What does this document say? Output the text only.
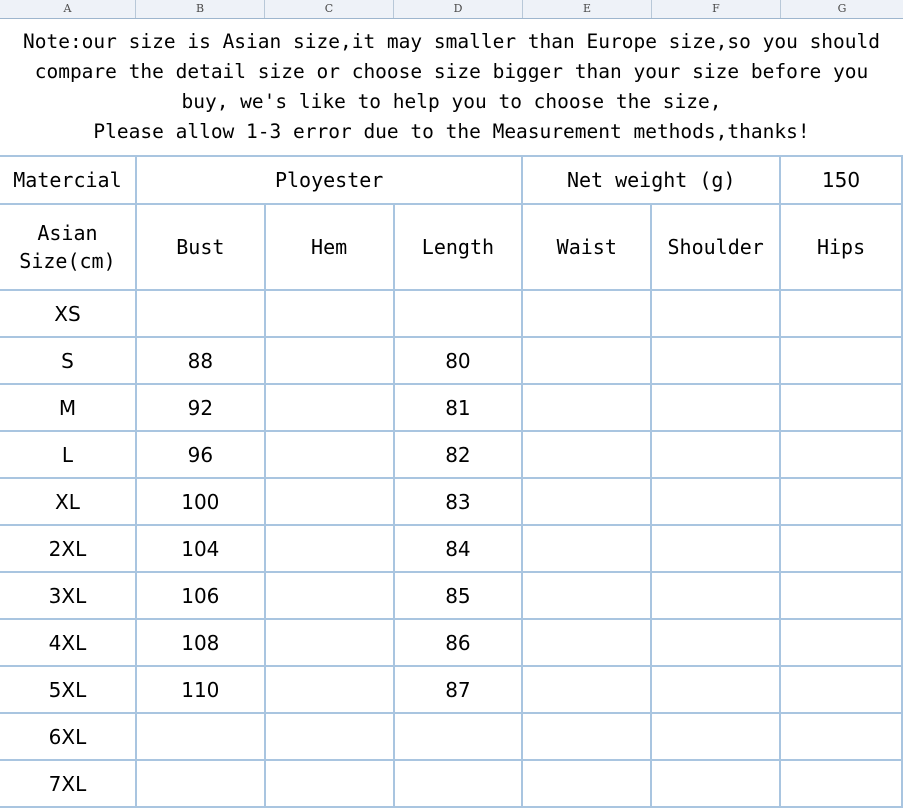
A	B	C	D	E	F	G
Note:our size is Asian size,it may smaller than Europe size,so you should
compare the detail size or choose size bigger than your size before you
buy, we's like to help you to choose the size,
Please allow 1-3 error due to the Measurement methods,thanks!
Matercial	Ployester			Net weight (g)		150

Asian
Size(cm)	Bust	Hem	Length	Waist	Shoulder	Hips
XS						
S	88		80			
M	92		81			
L	96		82			
XL	100		83			
2XL	104		84			
3XL	106		85			
4XL	108		86			
5XL	110		87			
6XL						
7XL						
